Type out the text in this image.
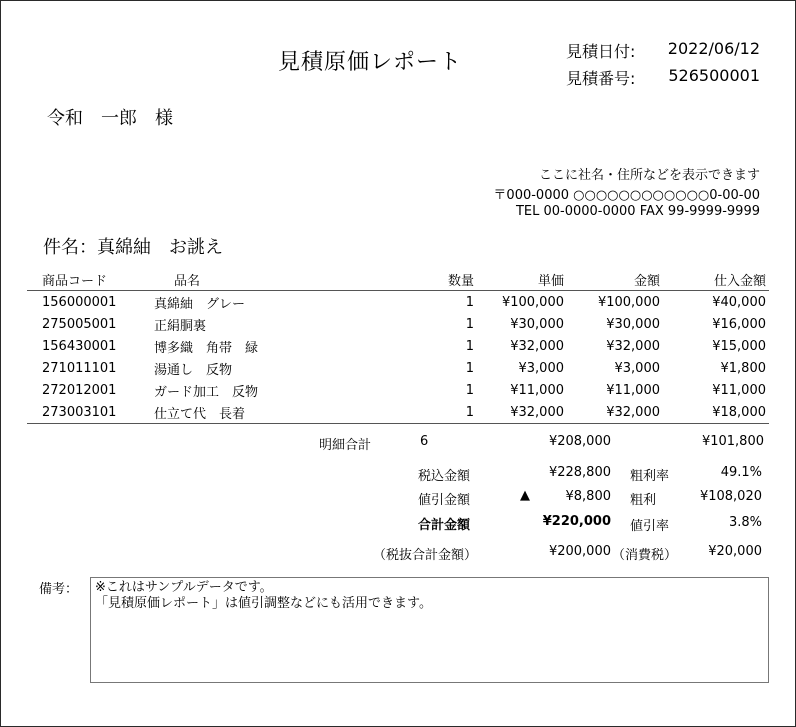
見積原価レポート	見積日付: 2022/06/12
見積番号: 526500001
令和　一郎　様
ここに社名・住所などを表示できます
〒000-0000 ○○○○○○○○○○○○0-00-00
TEL 00-0000-0000 FAX 99-9999-9999
件名：真綿紬　お誂え
商品コード	品名	数量	単価	金額	仕入金額
156000001	真綿紬　グレー	1	¥100,000	¥100,000	¥40,000
275005001	正絹胴裏	1	¥30,000	¥30,000	¥16,000
156430001	博多織　角帯　緑	1	¥32,000	¥32,000	¥15,000
271011101	湯通し　反物	1	¥3,000	¥3,000	¥1,800
272012001	ガード加工　反物	1	¥11,000	¥11,000	¥11,000
273003101	仕立て代　長着	1	¥32,000	¥32,000	¥18,000
明細合計	6	¥208,000	¥101,800
税込金額	¥228,800 粗利率	49.1%
値引金額	▲	¥8,800 粗利	¥108,020
合計金額	¥220,000 値引率	3.8%
（税抜合計金額）	¥200,000 （消費税） ¥20,000
備考： ※これはサンプルデータです。
「見積原価レポート」は値引調整などにも活用できます。
